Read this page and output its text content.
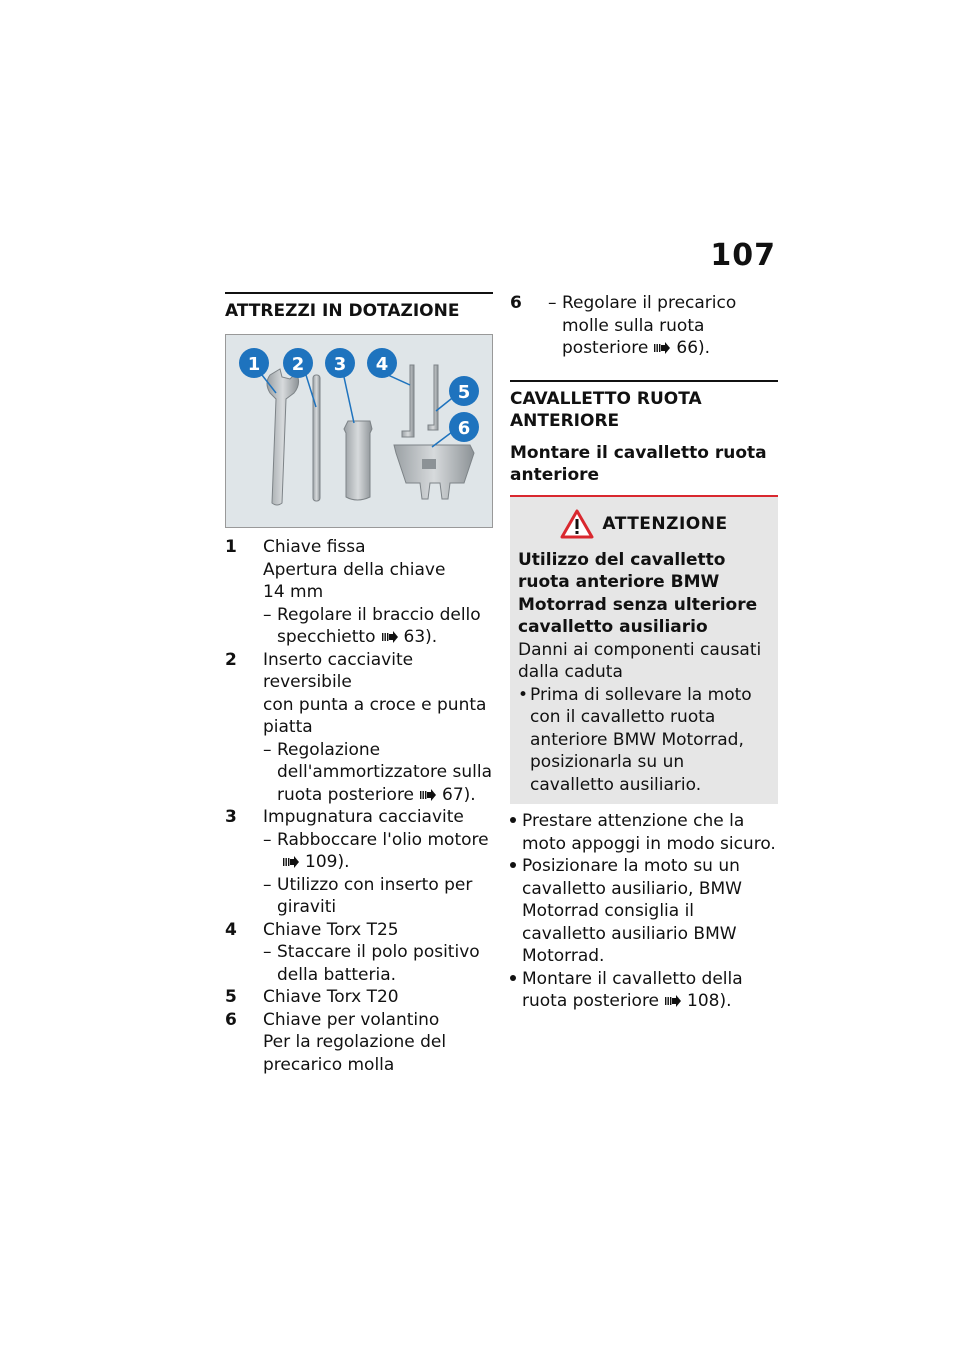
107
ATTREZZI IN DOTAZIONE
1 2 3 4
5
6
1	Chiave fissa
Apertura della chiave
14 mm
– Regolare il braccio dello specchietto 63).
2	Inserto cacciavite reversibile
con punta a croce e punta piatta
– Regolazione dell'ammortizzatore sulla ruota posteriore 67).
3	Impugnatura cacciavite
– Rabboccare l'olio motore
109).
– Utilizzo con inserto per giraviti
4	Chiave Torx T25
– Staccare il polo positivo della batteria.
5	Chiave Torx T20
6	Chiave per volantino
Per la regolazione del precarico molla
6	– Regolare il precarico molle sulla ruota posteriore 66).
CAVALLETTO RUOTA ANTERIORE
Montare il cavalletto ruota anteriore
ATTENZIONE
Utilizzo del cavalletto ruota anteriore BMW Motorrad senza ulteriore cavalletto ausiliario
Danni ai componenti causati dalla caduta
• Prima di sollevare la moto con il cavalletto ruota anteriore BMW Motorrad, posizionarla su un cavalletto ausiliario.
Prestare attenzione che la moto appoggi in modo sicuro.
Posizionare la moto su un cavalletto ausiliario, BMW Motorrad consiglia il cavalletto ausiliario BMW Motorrad.
Montare il cavalletto della ruota posteriore 108).
